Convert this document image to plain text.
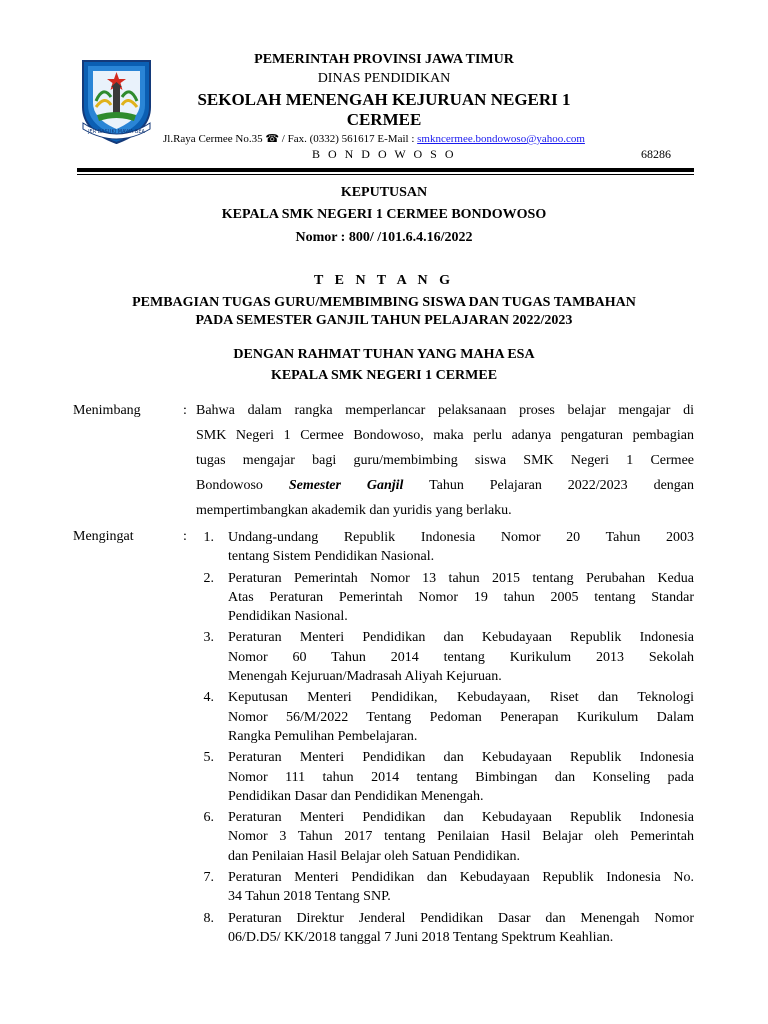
JER BASUKI MAWA BEA
PEMERINTAH PROVINSI JAWA TIMUR
DINAS PENDIDIKAN
SEKOLAH MENENGAH KEJURUAN NEGERI 1
CERMEE
Jl.Raya Cermee No.35 ☎ / Fax. (0332) 561617 E-Mail : smkncermee.bondowoso@yahoo.com
B O N D O W O S O	68286
KEPUTUSAN
KEPALA SMK NEGERI 1 CERMEE BONDOWOSO
Nomor : 800/ /101.6.4.16/2022
T E N T A N G
PEMBAGIAN TUGAS GURU/MEMBIMBING SISWA DAN TUGAS TAMBAHAN
PADA SEMESTER GANJIL TAHUN PELAJARAN 2022/2023
DENGAN RAHMAT TUHAN YANG MAHA ESA
KEPALA SMK NEGERI 1 CERMEE
Menimbang	: Bahwa dalam rangka memperlancar pelaksanaan proses belajar mengajar di
SMK Negeri 1 Cermee Bondowoso, maka perlu adanya pengaturan pembagian
tugas mengajar bagi guru/membimbing siswa SMK Negeri 1 Cermee
Bondowoso Semester Ganjil Tahun Pelajaran 2022/2023 dengan
mempertimbangkan akademik dan yuridis yang berlaku.
Mengingat	:	1. Undang-undang Republik Indonesia Nomor 20 Tahun 2003
tentang Sistem Pendidikan Nasional.
2. Peraturan Pemerintah Nomor 13 tahun 2015 tentang Perubahan Kedua
Atas Peraturan Pemerintah Nomor 19 tahun 2005 tentang Standar
Pendidikan Nasional.
3. Peraturan Menteri Pendidikan dan Kebudayaan Republik Indonesia
Nomor 60 Tahun 2014 tentang Kurikulum 2013 Sekolah
Menengah Kejuruan/Madrasah Aliyah Kejuruan.
4. Keputusan Menteri Pendidikan, Kebudayaan, Riset dan Teknologi
Nomor 56/M/2022 Tentang Pedoman Penerapan Kurikulum Dalam
Rangka Pemulihan Pembelajaran.
5. Peraturan Menteri Pendidikan dan Kebudayaan Republik Indonesia
Nomor 111 tahun 2014 tentang Bimbingan dan Konseling pada
Pendidikan Dasar dan Pendidikan Menengah.
6. Peraturan Menteri Pendidikan dan Kebudayaan Republik Indonesia
Nomor 3 Tahun 2017 tentang Penilaian Hasil Belajar oleh Pemerintah
dan Penilaian Hasil Belajar oleh Satuan Pendidikan.
7. Peraturan Menteri Pendidikan dan Kebudayaan Republik Indonesia No.
34 Tahun 2018 Tentang SNP.
8. Peraturan Direktur Jenderal Pendidikan Dasar dan Menengah Nomor
06/D.D5/ KK/2018 tanggal 7 Juni 2018 Tentang Spektrum Keahlian.
